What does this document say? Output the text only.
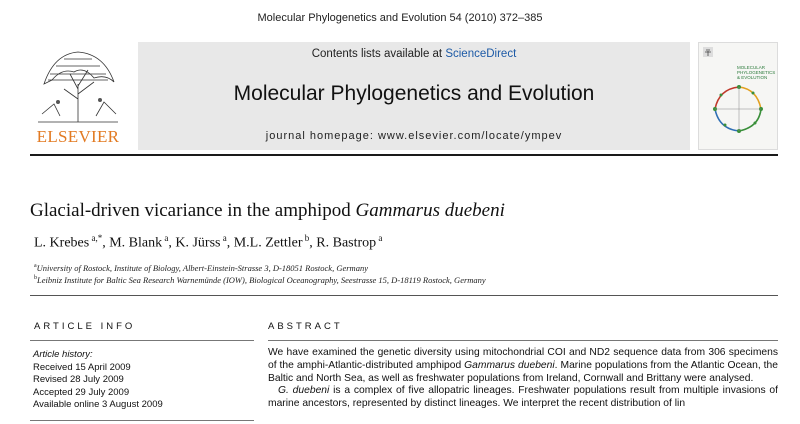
Molecular Phylogenetics and Evolution 54 (2010) 372–385
ELSEVIER
Contents lists available at ScienceDirect
Molecular Phylogenetics and Evolution
journal homepage: www.elsevier.com/locate/ympev
MOLECULAR PHYLOGENETICS & EVOLUTION
Glacial-driven vicariance in the amphipod Gammarus duebeni
L. Krebes $^{a,*}$, M. Blank $^a$, K. Jürss $^a$, M.L. Zettler $^b$, R. Bastrop $^a$
$^a$University of Rostock, Institute of Biology, Albert-Einstein-Strasse 3, D-18051 Rostock, Germany
$^b$Leibniz Institute for Baltic Sea Research Warnemünde (IOW), Biological Oceanography, Seestrasse 15, D-18119 Rostock, Germany
ARTICLE INFO	ABSTRACT
Article history:
Received 15 April 2009
Revised 28 July 2009
Accepted 29 July 2009
Available online 3 August 2009

We have examined the genetic diversity using mitochondrial COI and ND2 sequence data from 306 specimens of the amphi-Atlantic-distributed amphipod Gammarus duebeni. Marine populations from the Atlantic Ocean, the Baltic and North Sea, as well as freshwater populations from Ireland, Cornwall and Brittany were analysed.

G. duebeni is a complex of five allopatric lineages. Freshwater populations result from multiple invasions of marine ancestors, represented by distinct lineages. We interpret the recent distribution of lin
